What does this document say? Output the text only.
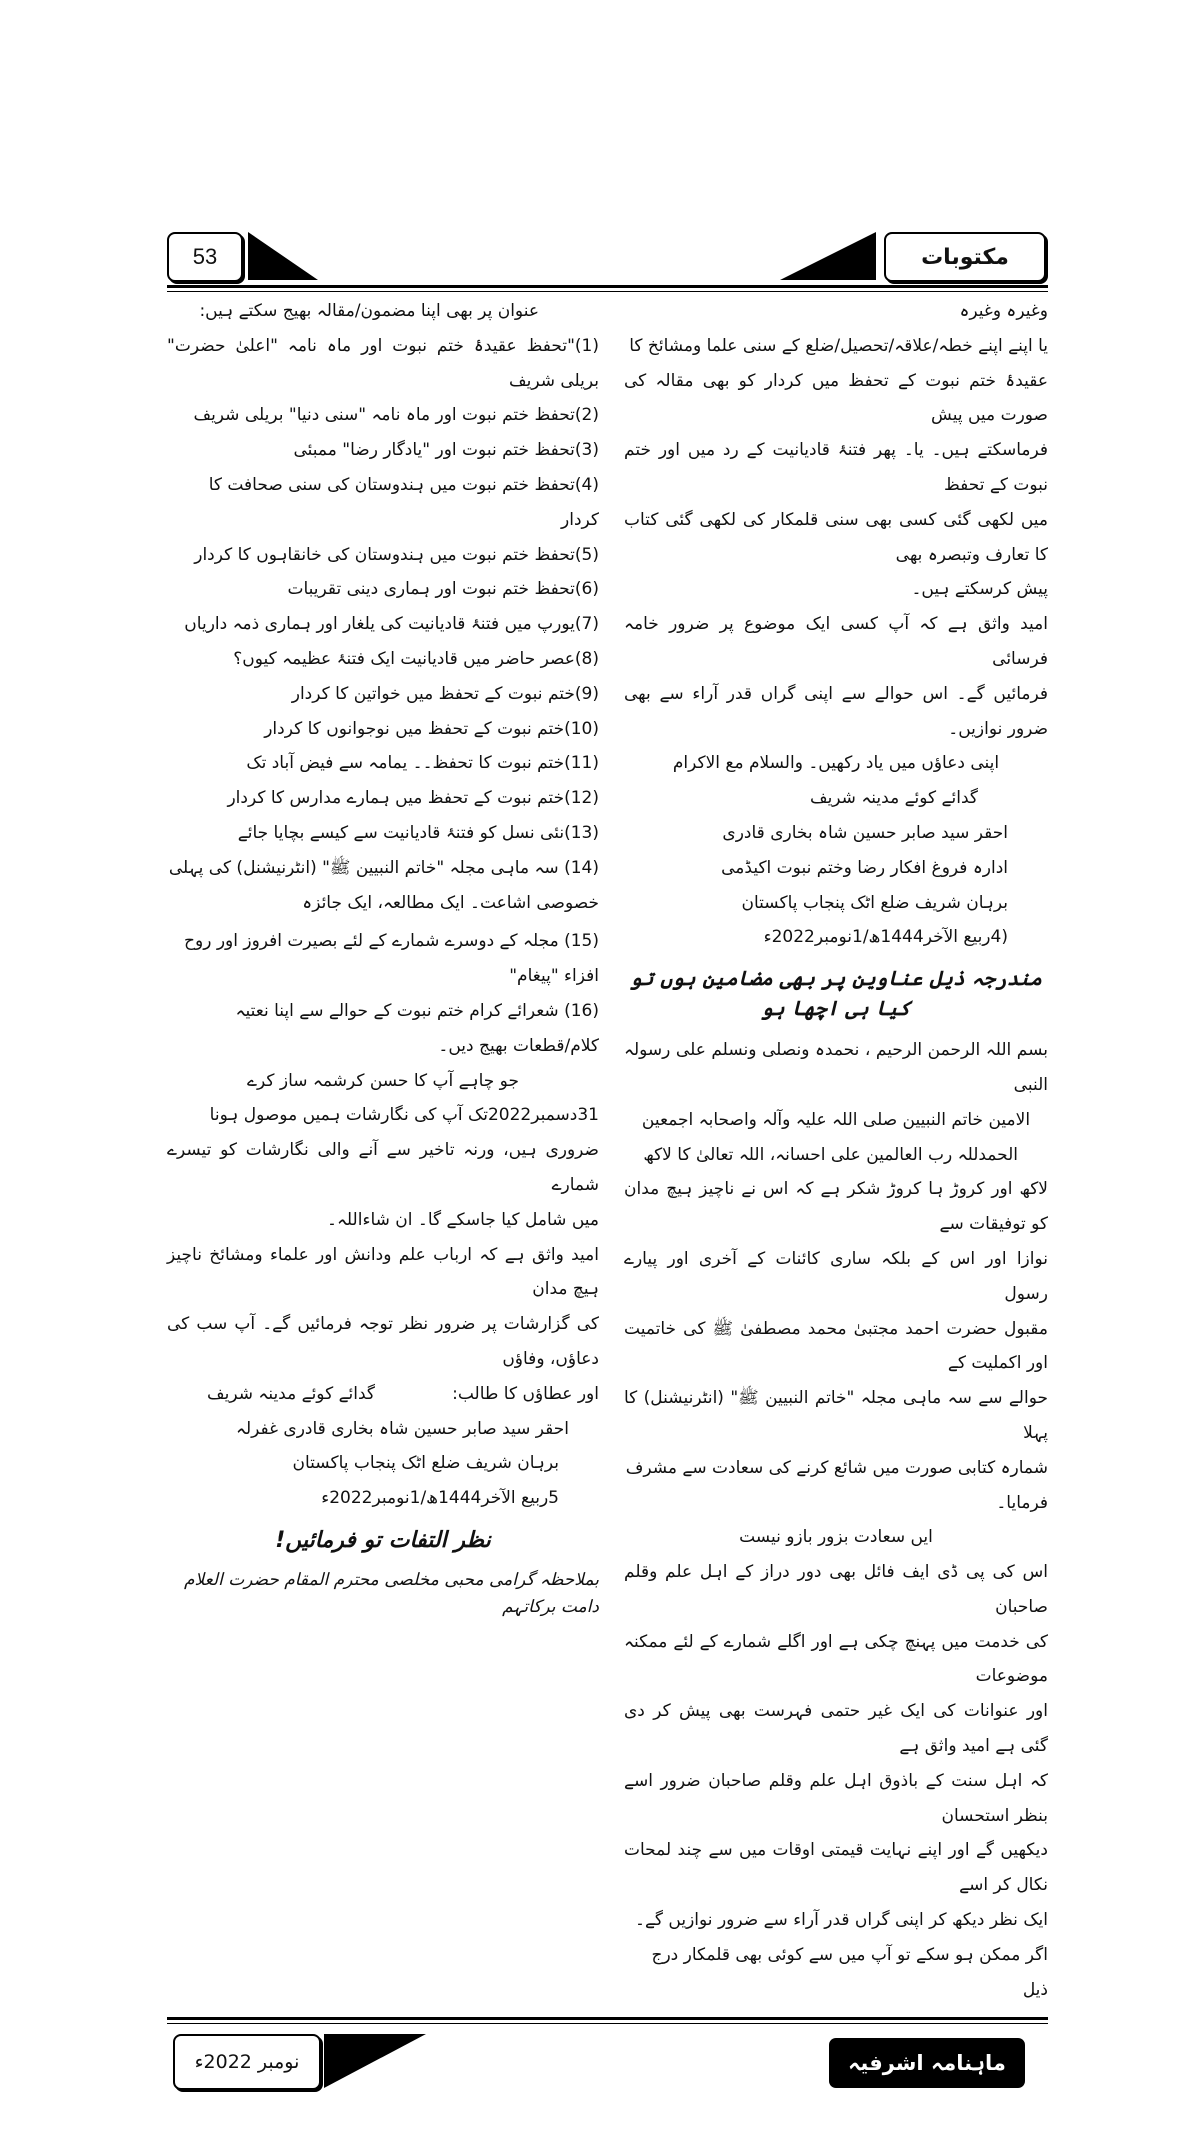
53	مکتوبات
وغیرہ وغیرہ
یا اپنے اپنے خطہ/علاقہ/تحصیل/ضلع کے سنی علما ومشائخ کا
عقیدۂ ختم نبوت کے تحفظ میں کردار کو بھی مقالہ کی صورت میں پیش
فرماسکتے ہیں۔ یا۔ پھر فتنۂ قادیانیت کے رد میں اور ختم نبوت کے تحفظ
میں لکھی گئی کسی بھی سنی قلمکار کی لکھی گئی کتاب کا تعارف وتبصرہ بھی
پیش کرسکتے ہیں۔
امید واثق ہے کہ آپ کسی ایک موضوع پر ضرور خامہ فرسائی
فرمائیں گے۔ اس حوالے سے اپنی گراں قدر آراء سے بھی ضرور نوازیں۔
اپنی دعاؤں میں یاد رکھیں۔ والسلام مع الاکرام
گدائے کوئے مدینہ شریف
احقر سید صابر حسین شاہ بخاری قادری
ادارہ فروغ افکار رضا وختم نبوت اکیڈمی
برہان شریف ضلع اٹک پنجاب پاکستان
(4ربیع الآخر1444ھ/1نومبر2022ء
مندرجہ ذیل عناوین پر بھی مضامین ہوں تو کیا ہی اچھا ہو
بسم اللہ الرحمن الرحیم ، نحمدہ ونصلی ونسلم علی رسولہ النبی
الامین خاتم النبیین صلی اللہ علیہ وآلہ واصحابہ اجمعین
الحمدللہ رب العالمین علی احسانہ، اللہ تعالیٰ کا لاکھ
لاکھ اور کروڑ ہا کروڑ شکر ہے کہ اس نے ناچیز ہیچ مدان کو توفیقات سے
نوازا اور اس کے بلکہ ساری کائنات کے آخری اور پیارے رسول
مقبول حضرت احمد مجتبیٰ محمد مصطفیٰ ﷺ کی خاتمیت اور اکملیت کے
حوالے سے سہ ماہی مجلہ "خاتم النبیین ﷺ" (انٹرنیشنل) کا پہلا
شمارہ کتابی صورت میں شائع کرنے کی سعادت سے مشرف فرمایا۔
ایں سعادت بزور بازو نیست
اس کی پی ڈی ایف فائل بھی دور دراز کے اہل علم وقلم صاحبان
کی خدمت میں پہنچ چکی ہے اور اگلے شمارے کے لئے ممکنہ موضوعات
اور عنوانات کی ایک غیر حتمی فہرست بھی پیش کر دی گئی ہے امید واثق ہے
کہ اہل سنت کے باذوق اہل علم وقلم صاحبان ضرور اسے بنظر استحسان
دیکھیں گے اور اپنے نہایت قیمتی اوقات میں سے چند لمحات نکال کر اسے
ایک نظر دیکھ کر اپنی گراں قدر آراء سے ضرور نوازیں گے۔
اگر ممکن ہو سکے تو آپ میں سے کوئی بھی قلمکار درج ذیل
عنوان پر بھی اپنا مضمون/مقالہ بھیج سکتے ہیں:
(1)"تحفظ عقیدۂ ختم نبوت اور ماہ نامہ "اعلیٰ حضرت" بریلی شریف
(2)تحفظ ختم نبوت اور ماہ نامہ "سنی دنیا" بریلی شریف
(3)تحفظ ختم نبوت اور "یادگار رضا" ممبئی
(4)تحفظ ختم نبوت میں ہندوستان کی سنی صحافت کا کردار
(5)تحفظ ختم نبوت میں ہندوستان کی خانقاہوں کا کردار
(6)تحفظ ختم نبوت اور ہماری دینی تقریبات
(7)یورپ میں فتنۂ قادیانیت کی یلغار اور ہماری ذمہ داریاں
(8)عصر حاضر میں قادیانیت ایک فتنۂ عظیمہ کیوں؟
(9)ختم نبوت کے تحفظ میں خواتین کا کردار
(10)ختم نبوت کے تحفظ میں نوجوانوں کا کردار
(11)ختم نبوت کا تحفظ۔۔ یمامہ سے فیض آباد تک
(12)ختم نبوت کے تحفظ میں ہمارے مدارس کا کردار
(13)نئی نسل کو فتنۂ قادیانیت سے کیسے بچایا جائے
(14) سہ ماہی مجلہ "خاتم النبیین ﷺ" (انٹرنیشنل) کی پہلی
خصوصی اشاعت۔ ایک مطالعہ، ایک جائزہ
(15) مجلہ کے دوسرے شمارے کے لئے بصیرت افروز اور روح
افزاء "پیغام"
(16) شعرائے کرام ختم نبوت کے حوالے سے اپنا نعتیہ
کلام/قطعات بھیج دیں۔
جو چاہے آپ کا حسن کرشمہ ساز کرے
31دسمبر2022تک آپ کی نگارشات ہمیں موصول ہونا
ضروری ہیں، ورنہ تاخیر سے آنے والی نگارشات کو تیسرے شمارے
میں شامل کیا جاسکے گا۔ ان شاءاللہ۔
امید واثق ہے کہ ارباب علم ودانش اور علماء ومشائخ ناچیز ہیچ مدان
کی گزارشات پر ضرور نظر توجہ فرمائیں گے۔ آپ سب کی دعاؤں، وفاؤں
اور عطاؤں کا طالب:
گدائے کوئے مدینہ شریف
احقر سید صابر حسین شاہ بخاری قادری غفرلہ
برہان شریف ضلع اٹک پنجاب پاکستان
5ربیع الآخر1444ھ/1نومبر2022ء
نظر التفات تو فرمائیں!
بملاحظہ گرامی محبی مخلصی محترم المقام حضرت العلام دامت برکاتہم
نومبر 2022ء	ماہنامہ اشرفیہ
